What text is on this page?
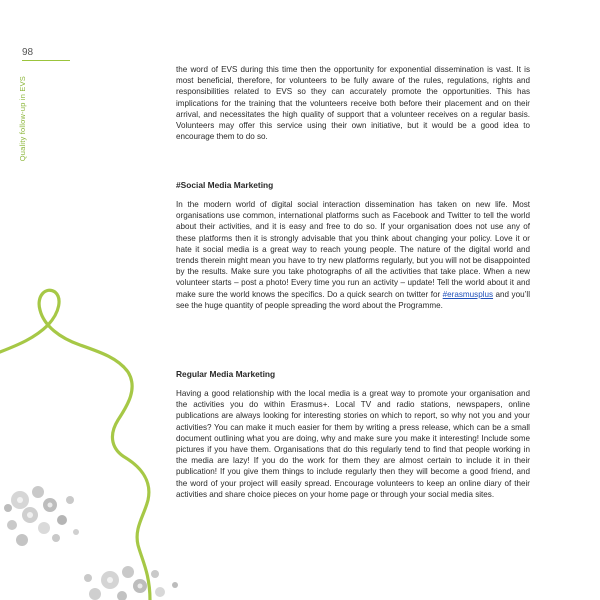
98
Quality follow-up in EVS

the word of EVS during this time then the opportunity for exponential dissemination is vast. It is most beneficial, therefore, for volunteers to be fully aware of the rules, regulations, rights and responsibilities related to EVS so they can accurately promote the opportunities. This has implications for the training that the volunteers receive both before their placement and on their arrival, and necessitates the high quality of support that a volunteer receives on a regular basis. Volunteers may offer this service using their own initiative, but it would be a good idea to encourage them to do so.

#Social Media Marketing

In the modern world of digital social interaction dissemination has taken on new life. Most organisations use common, international platforms such as Facebook and Twitter to tell the world about their activities, and it is easy and free to do so. If your organisation does not use any of these platforms then it is strongly advisable that you think about changing your policy. Love it or hate it social media is a great way to reach young people. The nature of the digital world and trends therein might mean you have to try new platforms regularly, but you will not be disappointed by the results. Make sure you take photographs of all the activities that take place. When a new volunteer starts – post a photo! Every time you run an activity – update! Tell the world about it and make sure the world knows the specifics. Do a quick search on twitter for #erasmusplus and you’ll see the huge quantity of people spreading the word about the Programme.

Regular Media Marketing

Having a good relationship with the local media is a great way to promote your organisation and the activities you do within Erasmus+. Local TV and radio stations, newspapers, online publications are always looking for interesting stories on which to report, so why not you and your activities? You can make it much easier for them by writing a press release, which can be a small document outlining what you are doing, why and make sure you make it interesting! Include some pictures if you have them. Organisations that do this regularly tend to find that people working in the media are lazy! If you do the work for them they are almost certain to include it in their publication! If you give them things to include regularly then they will become a good friend, and the word of your project will easily spread. Encourage volunteers to keep an online diary of their activities and share choice pieces on your home page or through your social media sites.
